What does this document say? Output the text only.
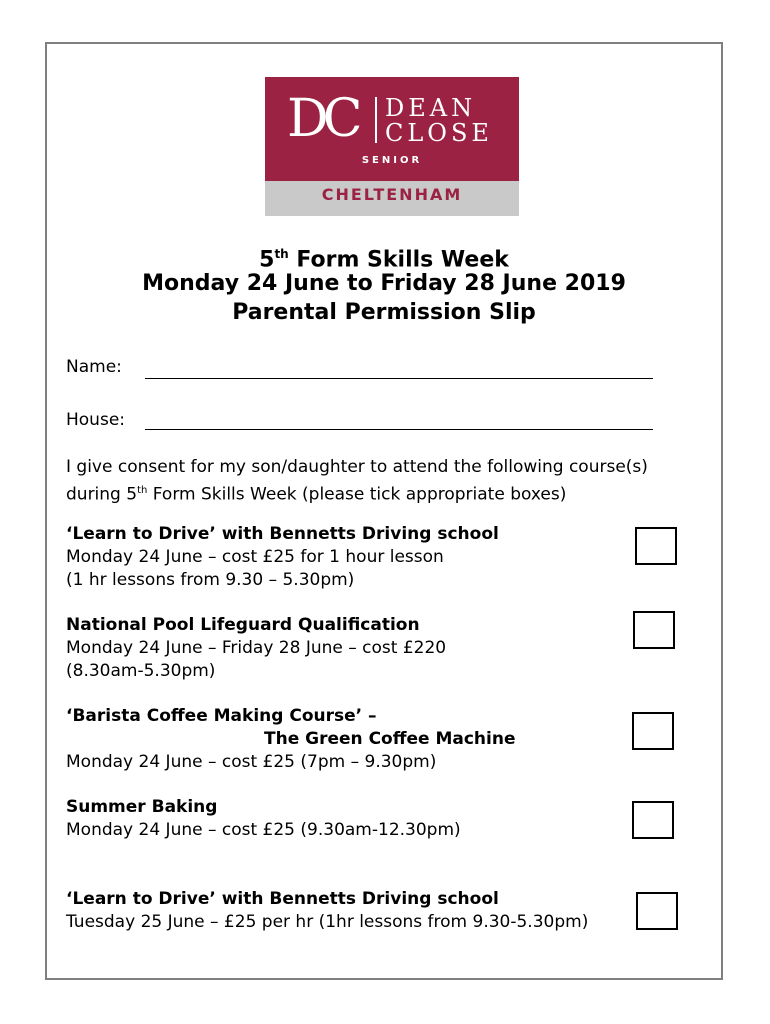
DC DEAN
CLOSE
SENIOR
CHELTENHAM
5th Form Skills Week
Monday 24 June to Friday 28 June 2019
Parental Permission Slip
Name:
House:
I give consent for my son/daughter to attend the following course(s)
during 5th Form Skills Week (please tick appropriate boxes)
‘Learn to Drive’ with Bennetts Driving school
Monday 24 June – cost £25 for 1 hour lesson
(1 hr lessons from 9.30 – 5.30pm)
National Pool Lifeguard Qualification
Monday 24 June – Friday 28 June – cost £220
(8.30am-5.30pm)
‘Barista Coffee Making Course’ –
The Green Coffee Machine
Monday 24 June – cost £25 (7pm – 9.30pm)
Summer Baking
Monday 24 June – cost £25 (9.30am-12.30pm)
‘Learn to Drive’ with Bennetts Driving school
Tuesday 25 June – £25 per hr (1hr lessons from 9.30-5.30pm)
